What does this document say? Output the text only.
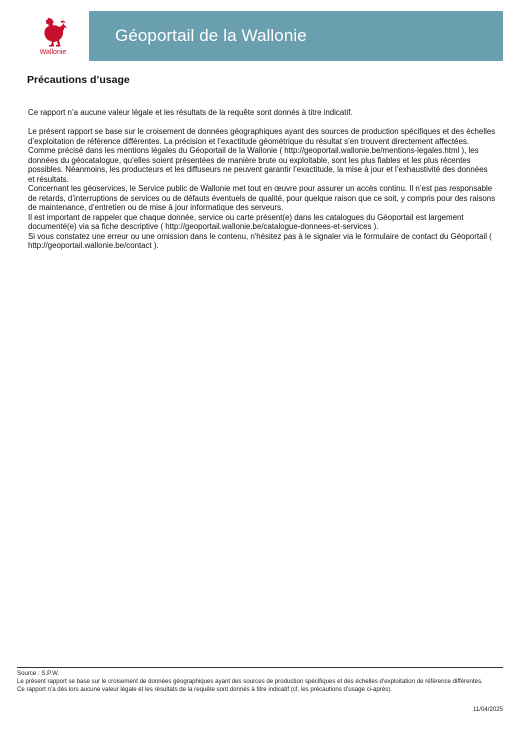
Wallonie
Géoportail de la Wallonie
Précautions d’usage

Ce rapport n’a aucune valeur légale et les résultats de la requête sont donnés à titre indicatif.

Le présent rapport se base sur le croisement de données géographiques ayant des sources de production spécifiques et des échelles d’exploitation de référence différentes. La précision et l’exactitude géométrique du résultat s’en trouvent directement affectées.

Comme précisé dans les mentions légales du Géoportail de la Wallonie ( http://geoportail.wallonie.be/mentions-legales.html ), les données du géocatalogue, qu’elles soient présentées de manière brute ou exploitable, sont les plus fiables et les plus récentes possibles. Néanmoins, les producteurs et les diffuseurs ne peuvent garantir l’exactitude, la mise à jour et l’exhaustivité des données et résultats.

Concernant les géoservices, le Service public de Wallonie met tout en œuvre pour assurer un accès continu. Il n’est pas responsable de retards, d’interruptions de services ou de défauts éventuels de qualité, pour quelque raison que ce soit, y compris pour des raisons de maintenance, d’entretien ou de mise à jour informatique des serveurs.

Il est important de rappeler que chaque donnée, service ou carte présent(e) dans les catalogues du Géoportail est largement documenté(e) via sa fiche descriptive ( http://geoportail.wallonie.be/catalogue-donnees-et-services ).

Si vous constatez une erreur ou une omission dans le contenu, n'hésitez pas à le signaler via le formulaire de contact du Géoportail ( http://geoportail.wallonie.be/contact ).

Source : S.P.W.

Le présent rapport se base sur le croisement de données géographiques ayant des sources de production spécifiques et des échelles d’exploitation de référence différentes.

Ce rapport n’a dès lors aucune valeur légale et les résultats de la requête sont donnés à titre indicatif (cf. les précautions d’usage ci-après).

11/04/2025
